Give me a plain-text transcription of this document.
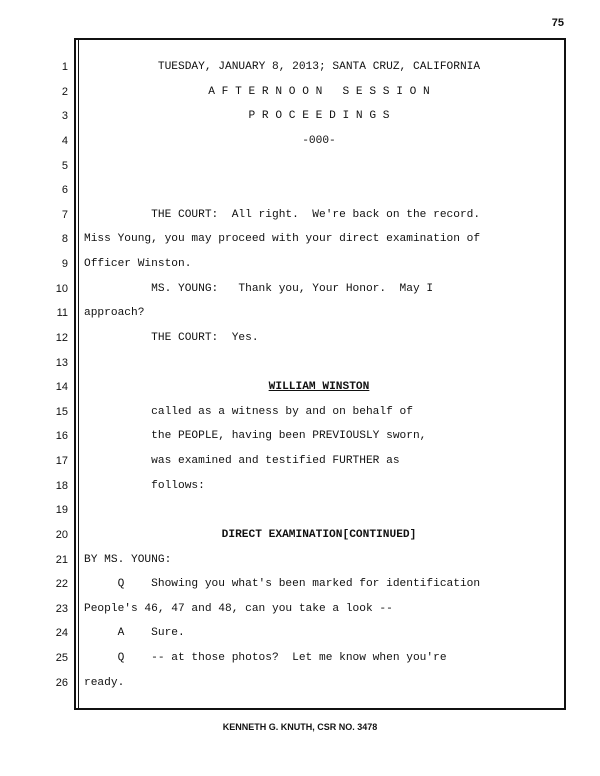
75
1
2
3
4
5
6
7
8
9
10
11
12
13
14
15
16
17
18
19
20
21
22
23
24
25
26
TUESDAY, JANUARY 8, 2013; SANTA CRUZ, CALIFORNIA
A F T E R N O O N   S E S S I O N
P R O C E E D I N G S
-000-
THE COURT:  All right.  We're back on the record.
Miss Young, you may proceed with your direct examination of
Officer Winston.
MS. YOUNG:   Thank you, Your Honor.  May I
approach?
THE COURT:  Yes.
WILLIAM WINSTON
called as a witness by and on behalf of
the PEOPLE, having been PREVIOUSLY sworn,
was examined and testified FURTHER as
follows:
DIRECT EXAMINATION[CONTINUED]
BY MS. YOUNG:
Q    Showing you what's been marked for identification
People's 46, 47 and 48, can you take a look --
A    Sure.
Q    -- at those photos?  Let me know when you're
ready.
KENNETH G. KNUTH, CSR NO. 3478
